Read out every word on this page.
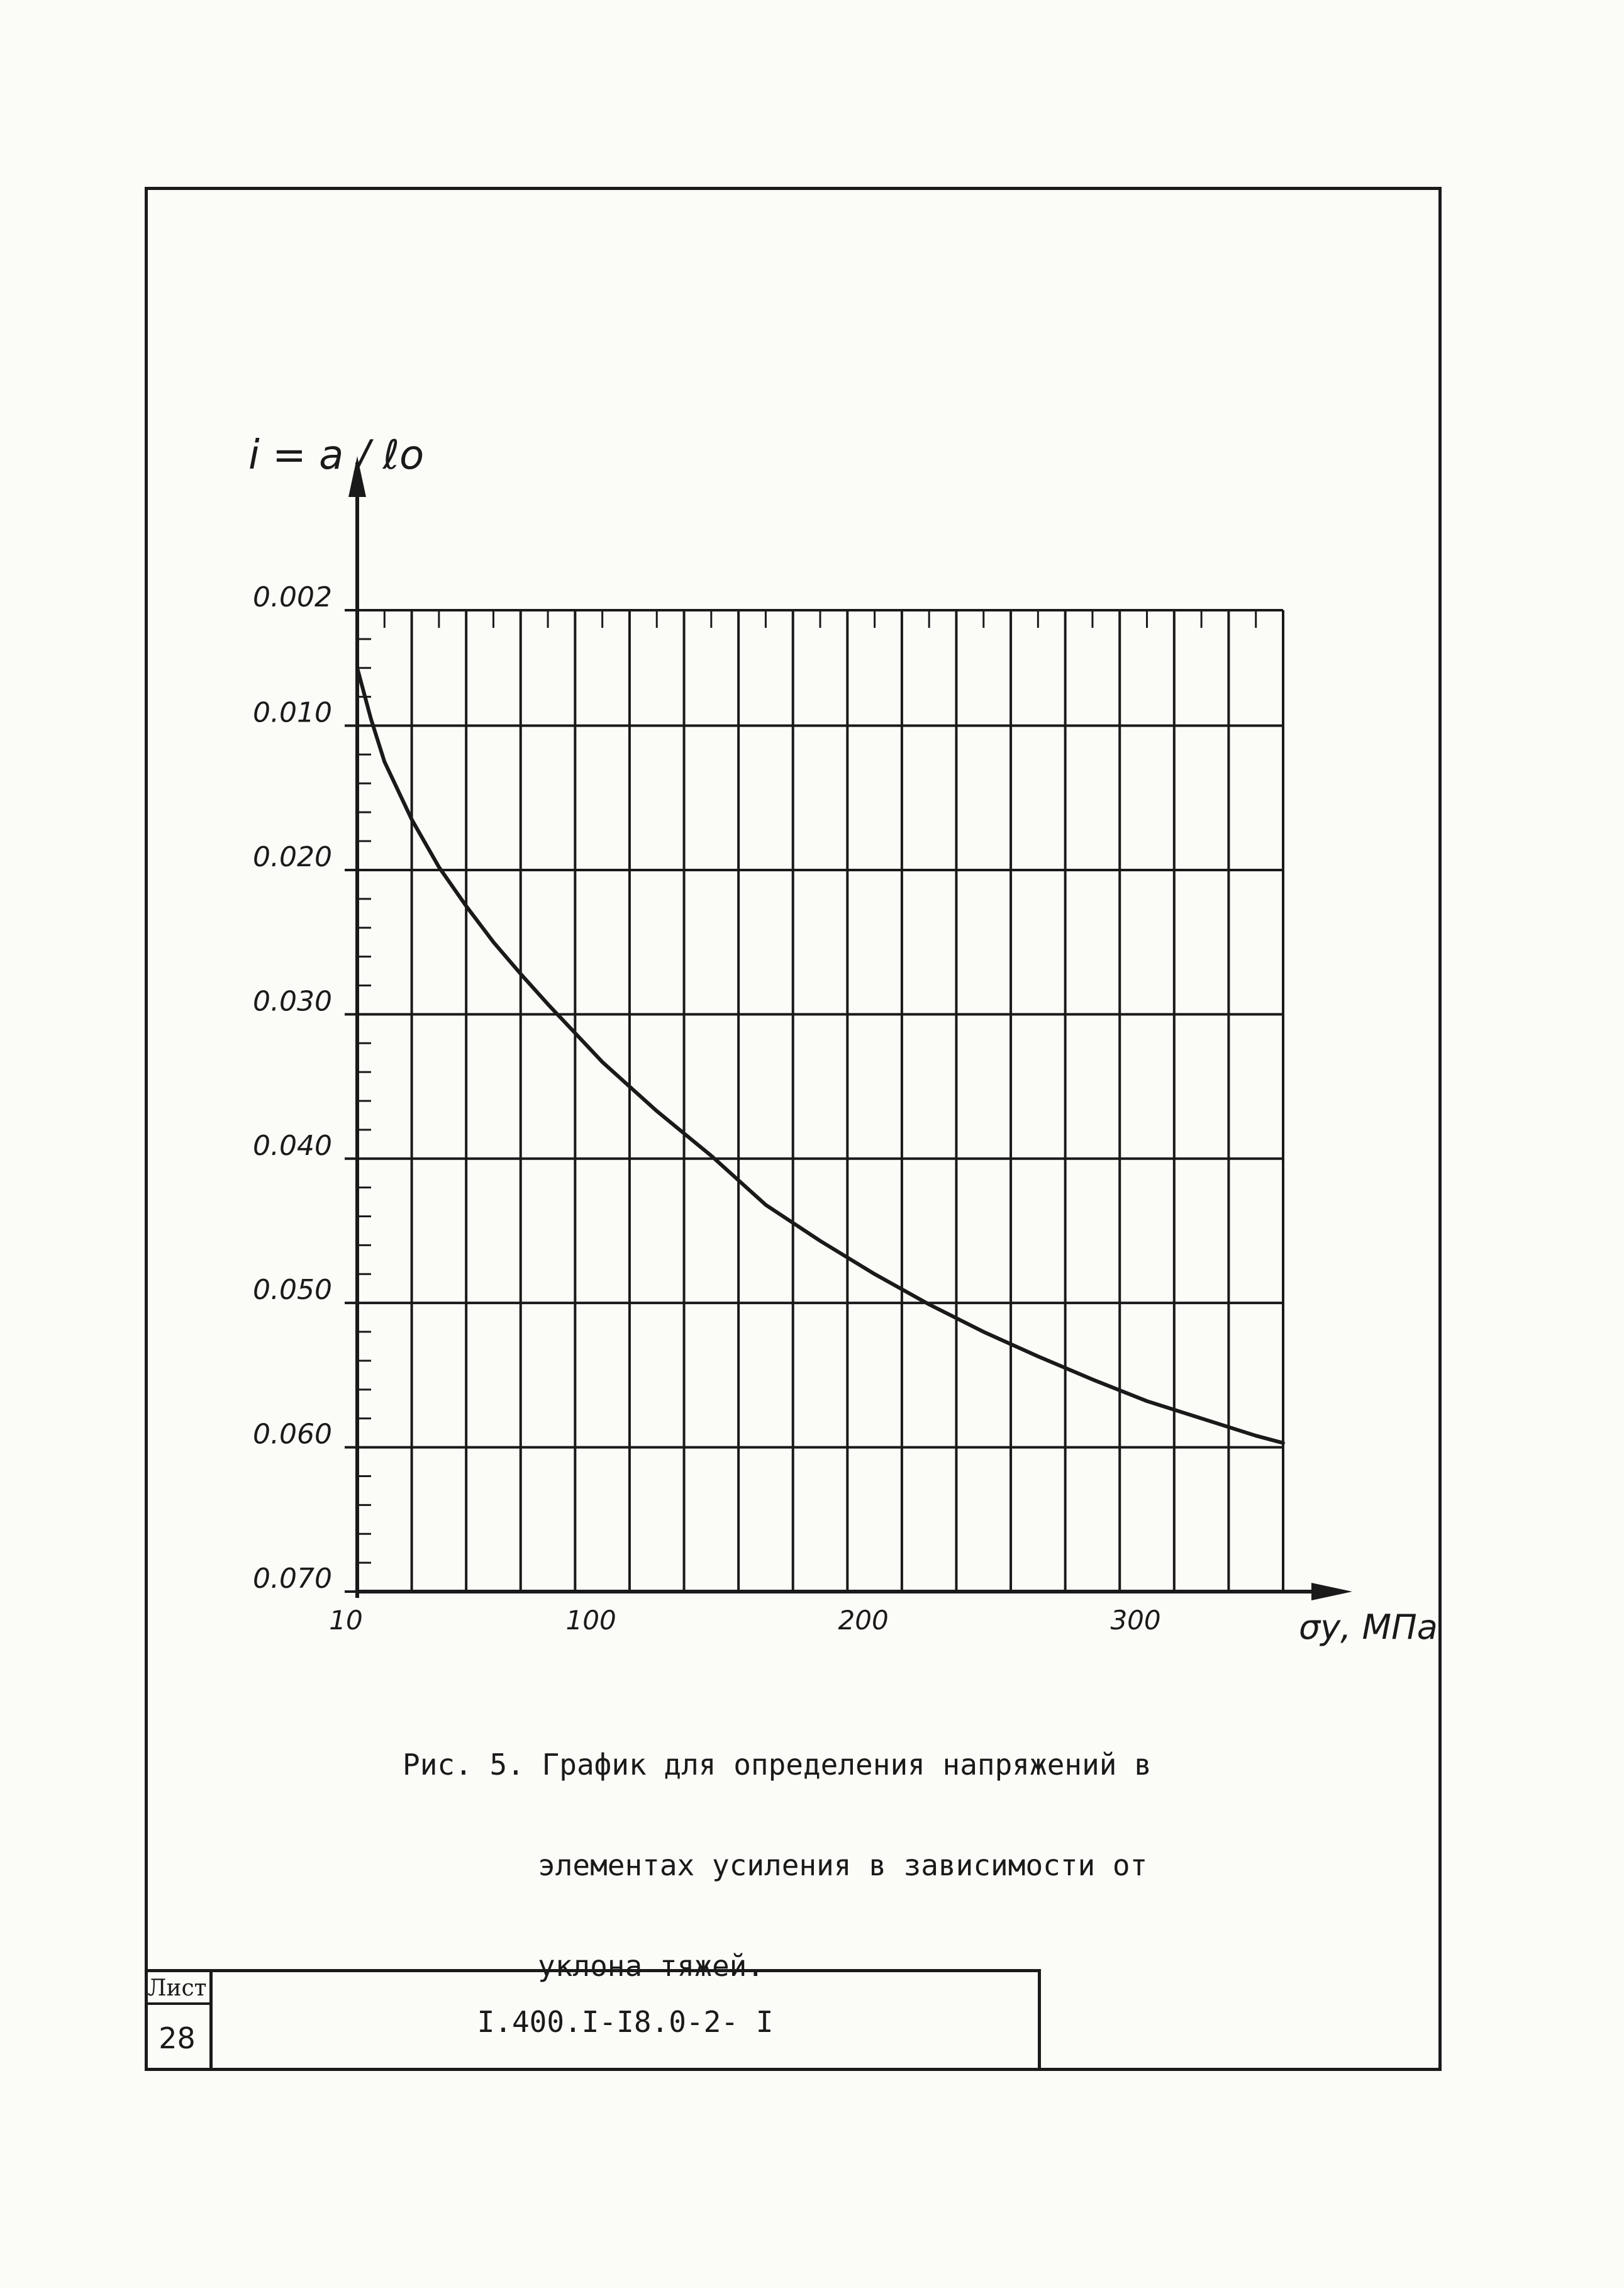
0.002
0.010
0.020
0.030
0.040
0.050
0.060
0.070
10	100	200	300
i = a / ℓо
σу, МПа

Рис. 5. График для определения напряжений в

элементах усиления в зависимости от

уклона тяжей.

Лист
28	I.400.I-I8.0-2- I
